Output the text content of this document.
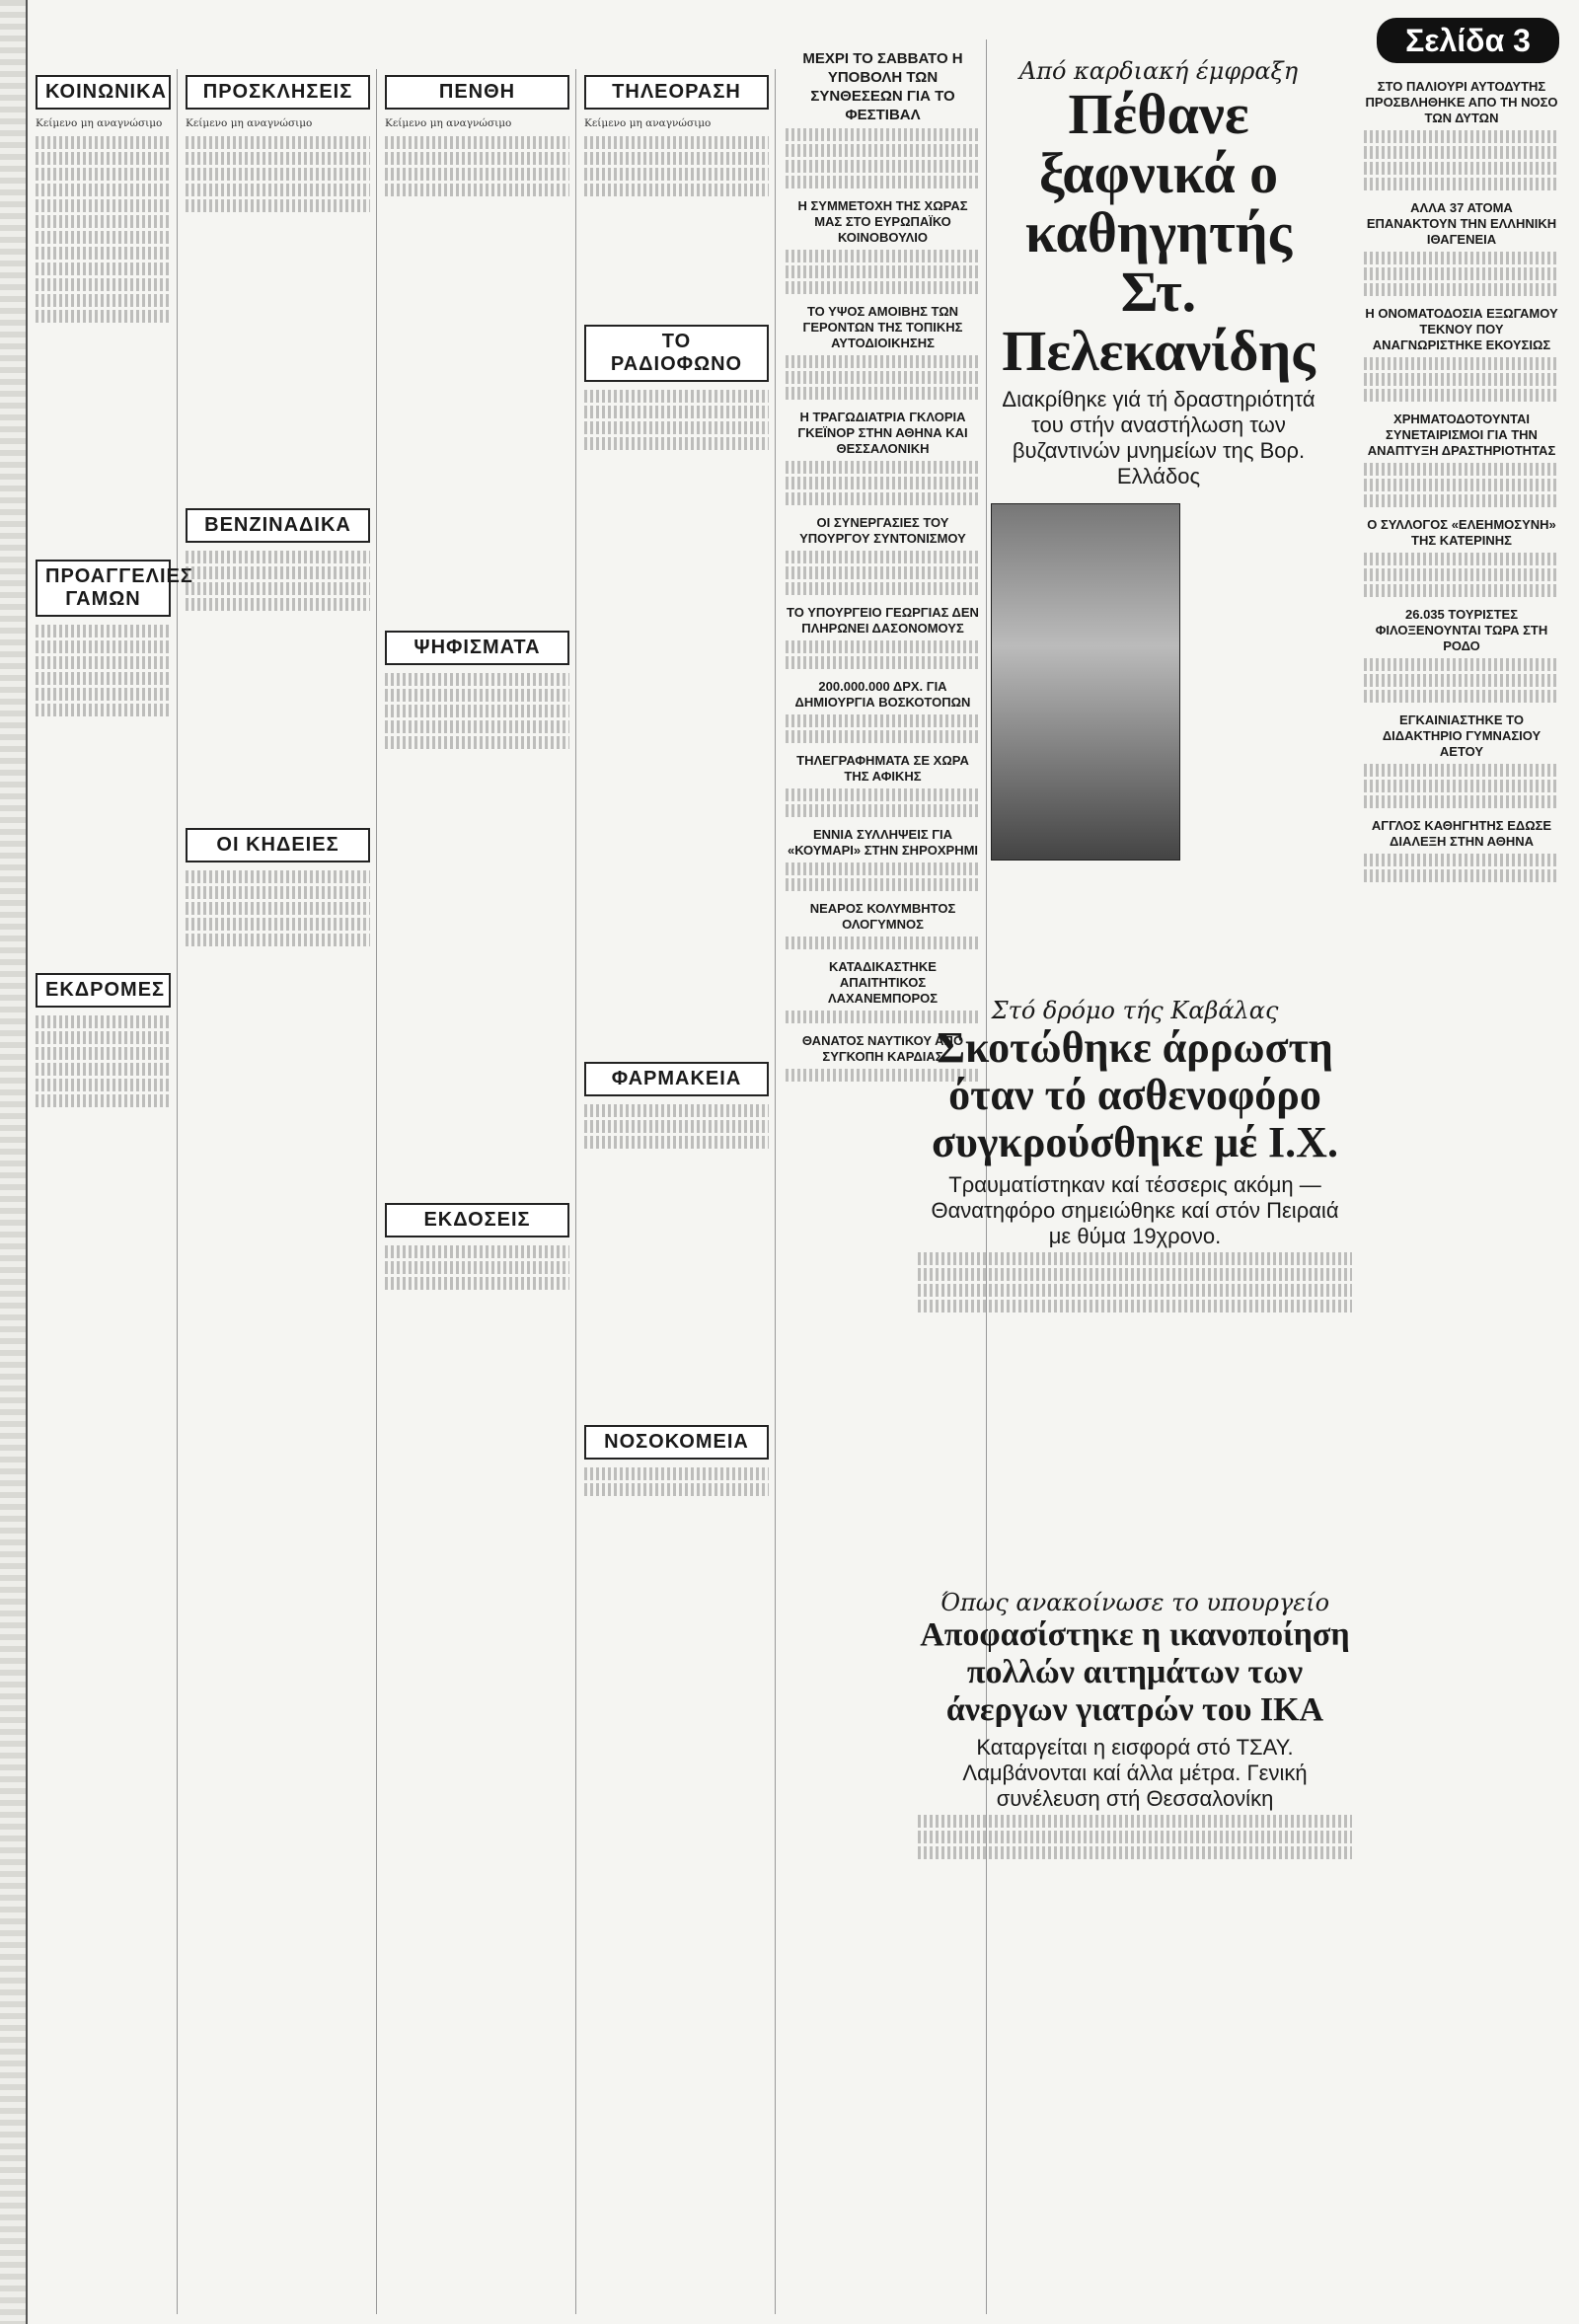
Σελίδα 3
ΚΟΙΝΩΝΙΚΑ

Κείμενο μη αναγνώσιμο

ΠΡΟΑΓΓΕΛΙΕΣ ΓΑΜΩΝ
ΕΚΔΡΟΜΕΣ
ΠΡΟΣΚΛΗΣΕΙΣ

Κείμενο μη αναγνώσιμο

ΒΕΝΖΙΝΑΔΙΚΑ
ΟΙ ΚΗΔΕΙΕΣ
ΠΕΝΘΗ

Κείμενο μη αναγνώσιμο

ΨΗΦΙΣΜΑΤΑ
ΕΚΔΟΣΕΙΣ
ΤΗΛΕΟΡΑΣΗ

Κείμενο μη αναγνώσιμο

ΤΟ ΡΑΔΙΟΦΩΝΟ
ΦΑΡΜΑΚΕΙΑ
ΝΟΣΟΚΟΜΕΙΑ
ΜΕΧΡΙ ΤΟ ΣΑΒΒΑΤΟ Η ΥΠΟΒΟΛΗ ΤΩΝ ΣΥΝΘΕΣΕΩΝ ΓΙΑ ΤΟ ΦΕΣΤΙΒΑΛ
Η ΣΥΜΜΕΤΟΧΗ ΤΗΣ ΧΩΡΑΣ ΜΑΣ ΣΤΟ ΕΥΡΩΠΑΪΚΟ ΚΟΙΝΟΒΟΥΛΙΟ
ΤΟ ΥΨΟΣ ΑΜΟΙΒΗΣ ΤΩΝ ΓΕΡΟΝΤΩΝ ΤΗΣ ΤΟΠΙΚΗΣ ΑΥΤΟΔΙΟΙΚΗΣΗΣ
Η ΤΡΑΓΩΔΙΑΤΡΙΑ ΓΚΛΟΡΙΑ ΓΚΕΪΝΟΡ ΣΤΗΝ ΑΘΗΝΑ ΚΑΙ ΘΕΣΣΑΛΟΝΙΚΗ
ΟΙ ΣΥΝΕΡΓΑΣΙΕΣ ΤΟΥ ΥΠΟΥΡΓΟΥ ΣΥΝΤΟΝΙΣΜΟΥ
ΤΟ ΥΠΟΥΡΓΕΙΟ ΓΕΩΡΓΙΑΣ ΔΕΝ ΠΛΗΡΩΝΕΙ ΔΑΣΟΝΟΜΟΥΣ
200.000.000 ΔΡΧ. ΓΙΑ ΔΗΜΙΟΥΡΓΙΑ ΒΟΣΚΟΤΟΠΩΝ
ΤΗΛΕΓΡΑΦΗΜΑΤΑ ΣΕ ΧΩΡΑ ΤΗΣ ΑΦΙΚΗΣ
ΕΝΝΙΑ ΣΥΛΛΗΨΕΙΣ ΓΙΑ «ΚΟΥΜΑΡΙ» ΣΤΗΝ ΣΗΡΟΧΡΗΜΙ
ΝΕΑΡΟΣ ΚΟΛΥΜΒΗΤΟΣ ΟΛΟΓΥΜΝΟΣ
ΚΑΤΑΔΙΚΑΣΤΗΚΕ ΑΠΑΙΤΗΤΙΚΟΣ ΛΑΧΑΝΕΜΠΟΡΟΣ
ΘΑΝΑΤΟΣ ΝΑΥΤΙΚΟΥ ΑΠΟ ΣΥΓΚΟΠΗ ΚΑΡΔΙΑΣ
Από καρδιακή έμφραξη
Πέθανε ξαφνικά ο καθηγητής Στ. Πελεκανίδης
Διακρίθηκε γιά τή δραστηριότητά του στήν αναστήλωση των βυζαντινών μνημείων της Βορ. Ελλάδος
Στό δρόμο τής Καβάλας
Σκοτώθηκε άρρωστη όταν τό ασθενοφόρο συγκρούσθηκε μέ Ι.Χ.
Τραυματίστηκαν καί τέσσερις ακόμη — Θανατηφόρο σημειώθηκε καί στόν Πειραιά με θύμα 19χρονο.
Όπως ανακοίνωσε το υπουργείο
Αποφασίστηκε η ικανοποίηση πολλών αιτημάτων των άνεργων γιατρών του ΙΚΑ
Καταργείται η εισφορά στό ΤΣΑΥ. Λαμβάνονται καί άλλα μέτρα. Γενική συνέλευση στή Θεσσαλονίκη
ΣΤΟ ΠΑΛΙΟΥΡΙ ΑΥΤΟΔΥΤΗΣ ΠΡΟΣΒΛΗΘΗΚΕ ΑΠΟ ΤΗ ΝΟΣΟ ΤΩΝ ΔΥΤΩΝ
ΑΛΛΑ 37 ΑΤΟΜΑ ΕΠΑΝΑΚΤΟΥΝ ΤΗΝ ΕΛΛΗΝΙΚΗ ΙΘΑΓΕΝΕΙΑ
Η ΟΝΟΜΑΤΟΔΟΣΙΑ ΕΞΩΓΑΜΟΥ ΤΕΚΝΟΥ ΠΟΥ ΑΝΑΓΝΩΡΙΣΤΗΚΕ ΕΚΟΥΣΙΩΣ
ΧΡΗΜΑΤΟΔΟΤΟΥΝΤΑΙ ΣΥΝΕΤΑΙΡΙΣΜΟΙ ΓΙΑ ΤΗΝ ΑΝΑΠΤΥΞΗ ΔΡΑΣΤΗΡΙΟΤΗΤΑΣ
Ο ΣΥΛΛΟΓΟΣ «ΕΛΕΗΜΟΣΥΝΗ» ΤΗΣ ΚΑΤΕΡΙΝΗΣ
26.035 ΤΟΥΡΙΣΤΕΣ ΦΙΛΟΞΕΝΟΥΝΤΑΙ ΤΩΡΑ ΣΤΗ ΡΟΔΟ
ΕΓΚΑΙΝΙΑΣΤΗΚΕ ΤΟ ΔΙΔΑΚΤΗΡΙΟ ΓΥΜΝΑΣΙΟΥ ΑΕΤΟΥ
ΑΓΓΛΟΣ ΚΑΘΗΓΗΤΗΣ ΕΔΩΣΕ ΔΙΑΛΕΞΗ ΣΤΗΝ ΑΘΗΝΑ
